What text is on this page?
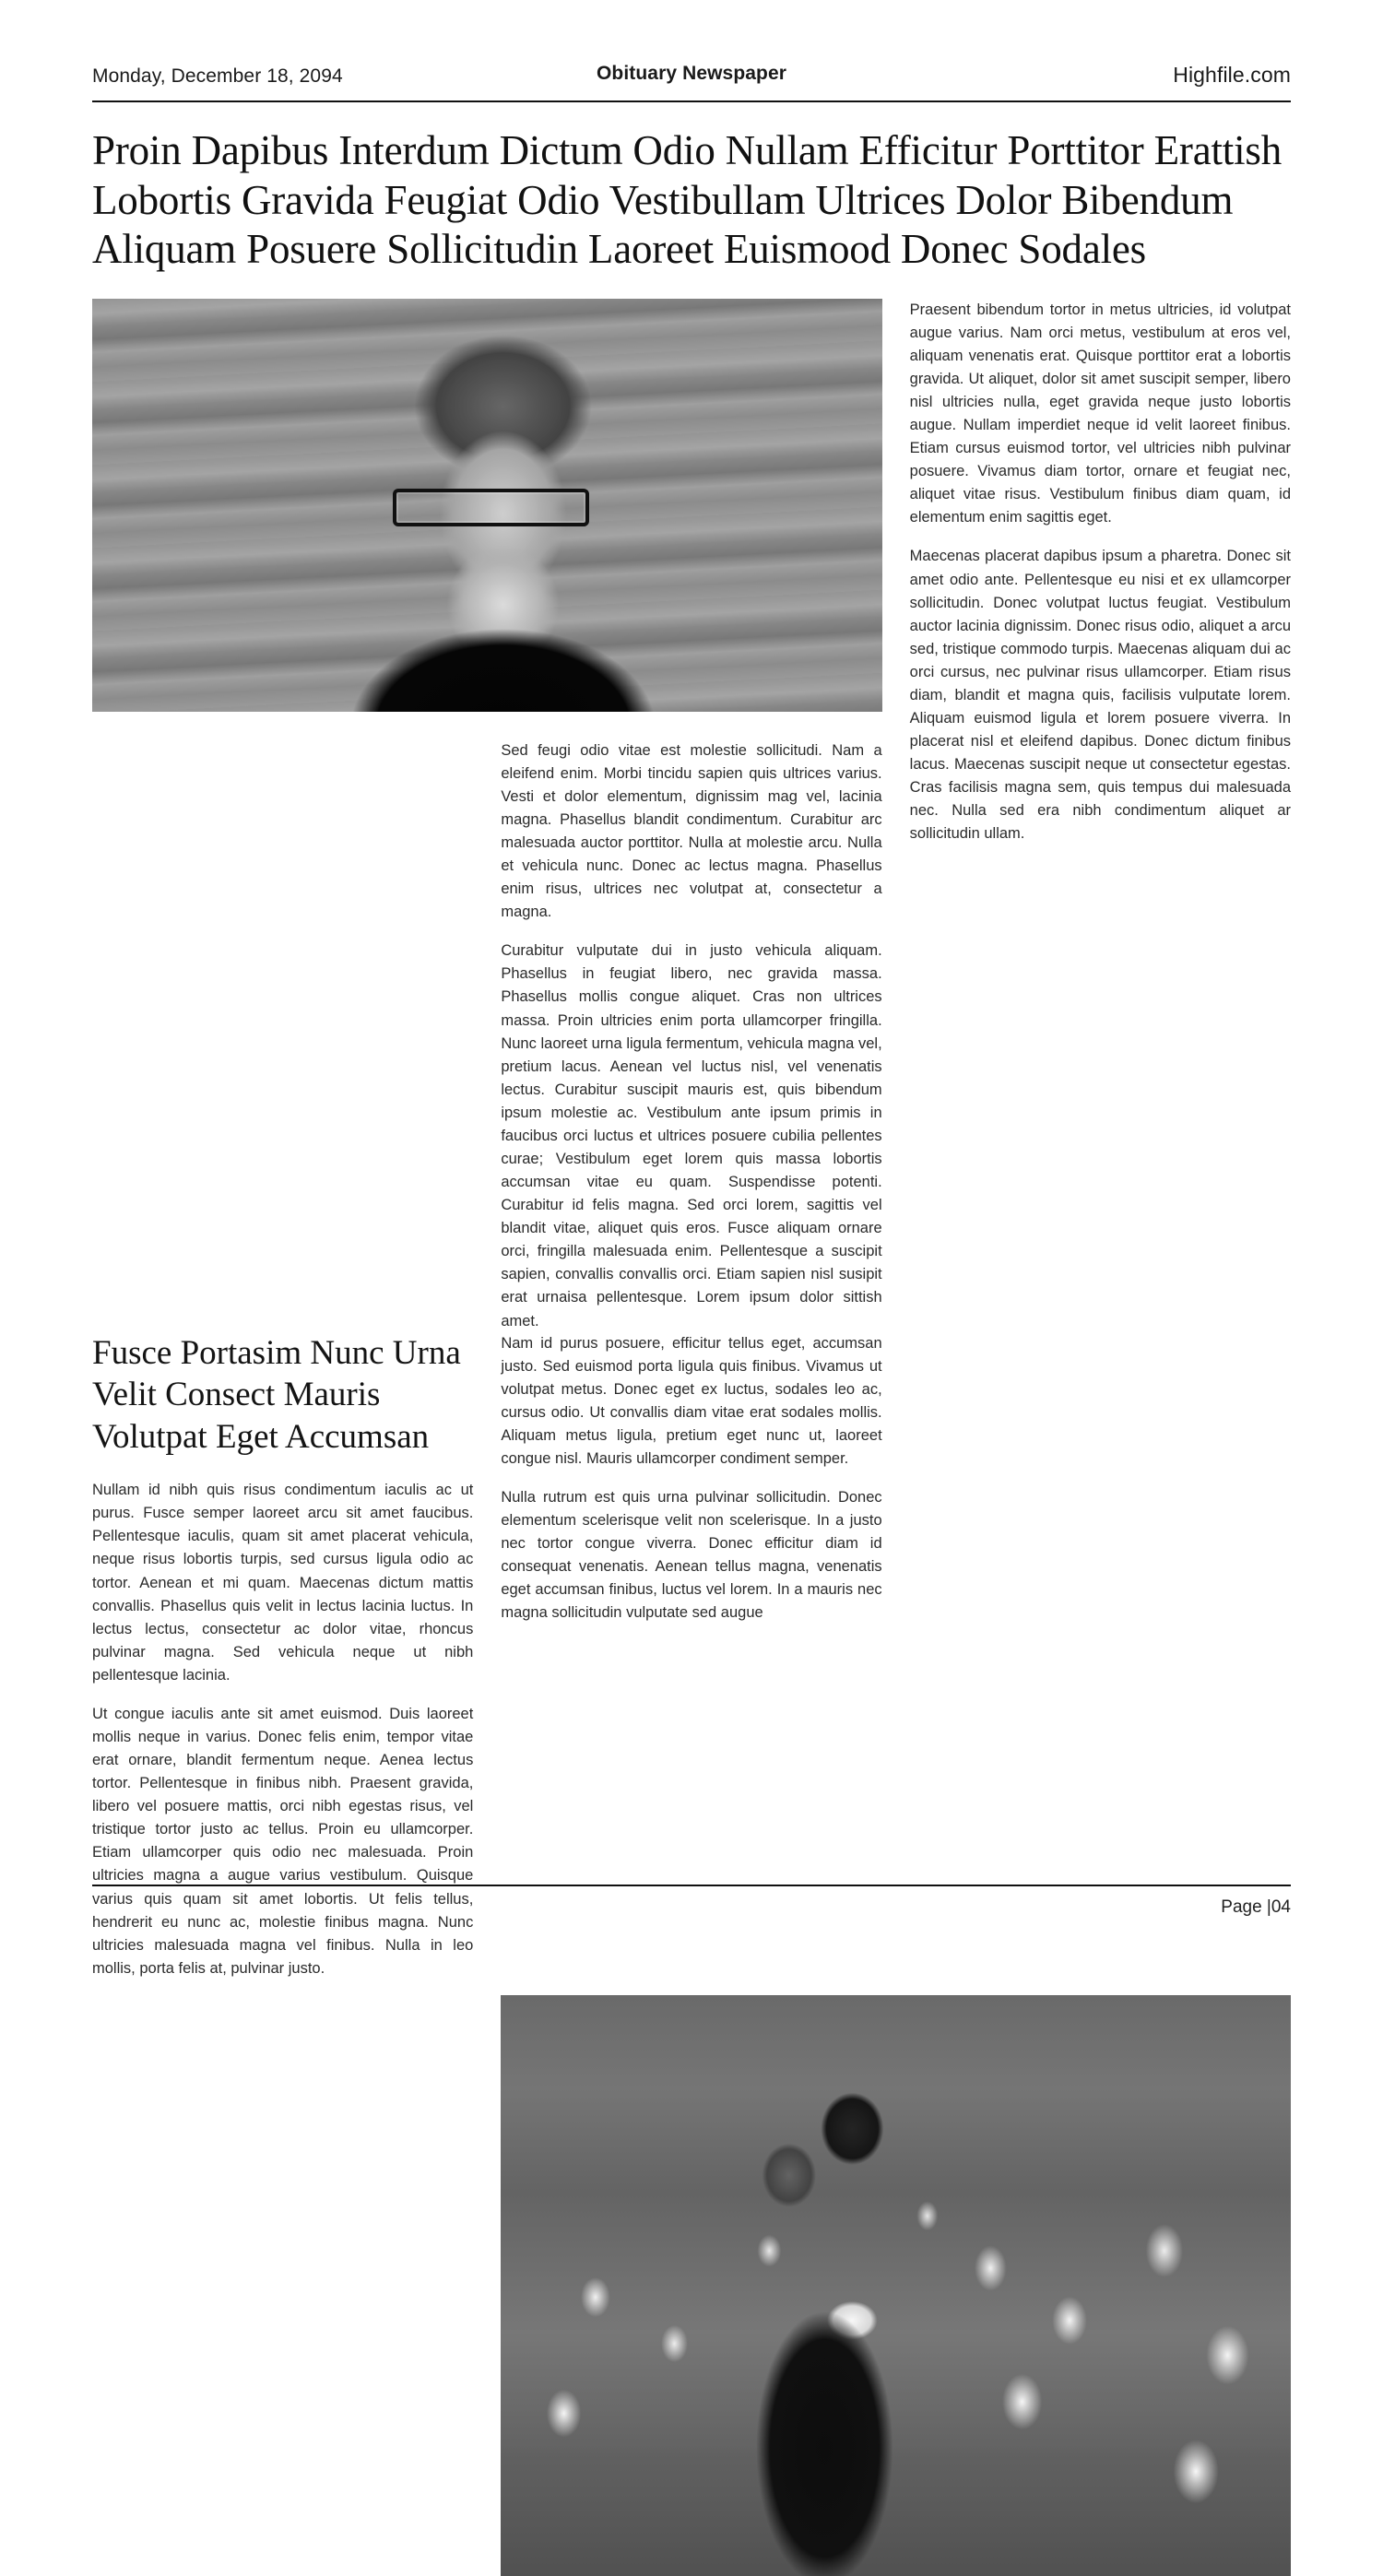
Monday, December 18, 2094	Obituary Newspaper	Highfile.com
Proin Dapibus Interdum Dictum Odio Nullam Efficitur Porttitor Erattish Lobortis Gravida Feugiat Odio Vestibullam Ultrices Dolor Bibendum Aliquam Posuere Sollicitudin Laoreet Euismood Donec Sodales

Praesent bibendum tortor in metus ultricies, id volutpat augue varius. Nam orci metus, vestibulum at eros vel, aliquam venenatis erat. Quisque porttitor erat a lobortis gravida. Ut aliquet, dolor sit amet suscipit semper, libero nisl ultricies nulla, eget gravida neque justo lobortis augue. Nullam imperdiet neque id velit laoreet finibus. Etiam cursus euismod tortor, vel ultricies nibh pulvinar posuere. Vivamus diam tortor, ornare et feugiat nec, aliquet vitae risus. Vestibulum finibus diam quam, id elementum enim sagittis eget.

Maecenas placerat dapibus ipsum a pharetra. Donec sit amet odio ante. Pellentesque eu nisi et ex ullamcorper sollicitudin. Donec volutpat luctus feugiat. Vestibulum auctor lacinia dignissim. Donec risus odio, aliquet a arcu sed, tristique commodo turpis. Maecenas aliquam dui ac orci cursus, nec pulvinar risus ullamcorper. Etiam risus diam, blandit et magna quis, facilisis vulputate lorem. Aliquam euismod ligula et lorem posuere viverra. In placerat nisl et eleifend dapibus. Donec dictum finibus lacus. Maecenas suscipit neque ut consectetur egestas. Cras facilisis magna sem, quis tempus dui malesuada nec. Nulla sed era nibh condimentum aliquet ar sollicitudin ullam.

Sed feugi odio vitae est molestie sollicitudi. Nam a eleifend enim. Morbi tincidu sapien quis ultrices varius. Vesti et dolor elementum, dignissim mag vel, lacinia magna. Phasellus blandit condimentum. Curabitur arc malesuada auctor porttitor. Nulla at molestie arcu. Nulla et vehicula nunc. Donec ac lectus magna. Phasellus enim risus, ultrices nec volutpat at, consectetur a magna.

Curabitur vulputate dui in justo vehicula aliquam. Phasellus in feugiat libero, nec gravida massa. Phasellus mollis congue aliquet. Cras non ultrices massa. Proin ultricies enim porta ullamcorper fringilla. Nunc laoreet urna ligula fermentum, vehicula magna vel, pretium lacus. Aenean vel luctus nisl, vel venenatis lectus. Curabitur suscipit mauris est, quis bibendum ipsum molestie ac. Vestibulum ante ipsum primis in faucibus orci luctus et ultrices posuere cubilia pellentes curae; Vestibulum eget lorem quis massa lobortis accumsan vitae eu quam. Suspendisse potenti. Curabitur id felis magna. Sed orci lorem, sagittis vel blandit vitae, aliquet quis eros. Fusce aliquam ornare orci, fringilla malesuada enim. Pellentesque a suscipit sapien, convallis convallis orci. Etiam sapien nisl susipit erat urnaisa pellentesque. Lorem ipsum dolor sittish amet.

Fusce Portasim Nunc Urna Velit Consect Mauris Volutpat Eget Accumsan

Nullam id nibh quis risus condimentum iaculis ac ut purus. Fusce semper laoreet arcu sit amet faucibus. Pellentesque iaculis, quam sit amet placerat vehicula, neque risus lobortis turpis, sed cursus ligula odio ac tortor. Aenean et mi quam. Maecenas dictum mattis convallis. Phasellus quis velit in lectus lacinia luctus. In lectus lectus, consectetur ac dolor vitae, rhoncus pulvinar magna. Sed vehicula neque ut nibh pellentesque lacinia.

Ut congue iaculis ante sit amet euismod. Duis laoreet mollis neque in varius. Donec felis enim, tempor vitae erat ornare, blandit fermentum neque. Aenea lectus tortor. Pellentesque in finibus nibh. Praesent gravida, libero vel posuere mattis, orci nibh egestas risus, vel tristique tortor justo ac tellus. Proin eu ullamcorper. Etiam ullamcorper quis odio nec malesuada. Proin ultricies magna a augue varius vestibulum. Quisque varius quis quam sit amet lobortis. Ut felis tellus, hendrerit eu nunc ac, molestie finibus magna. Nunc ultricies malesuada magna vel finibus. Nulla in leo mollis, porta felis at, pulvinar justo.

Nam id purus posuere, efficitur tellus eget, accumsan justo. Sed euismod porta ligula quis finibus. Vivamus ut volutpat metus. Donec eget ex luctus, sodales leo ac, cursus odio. Ut convallis diam vitae erat sodales mollis. Aliquam metus ligula, pretium eget nunc ut, laoreet congue nisl. Mauris ullamcorper condiment semper.

Nulla rutrum est quis urna pulvinar sollicitudin. Donec elementum scelerisque velit non scelerisque. In a justo nec tortor congue viverra. Donec efficitur diam id consequat venenatis. Aenean tellus magna, venenatis eget accumsan finibus, luctus vel lorem. In a mauris nec magna sollicitudin vulputate sed augue

Page |04
